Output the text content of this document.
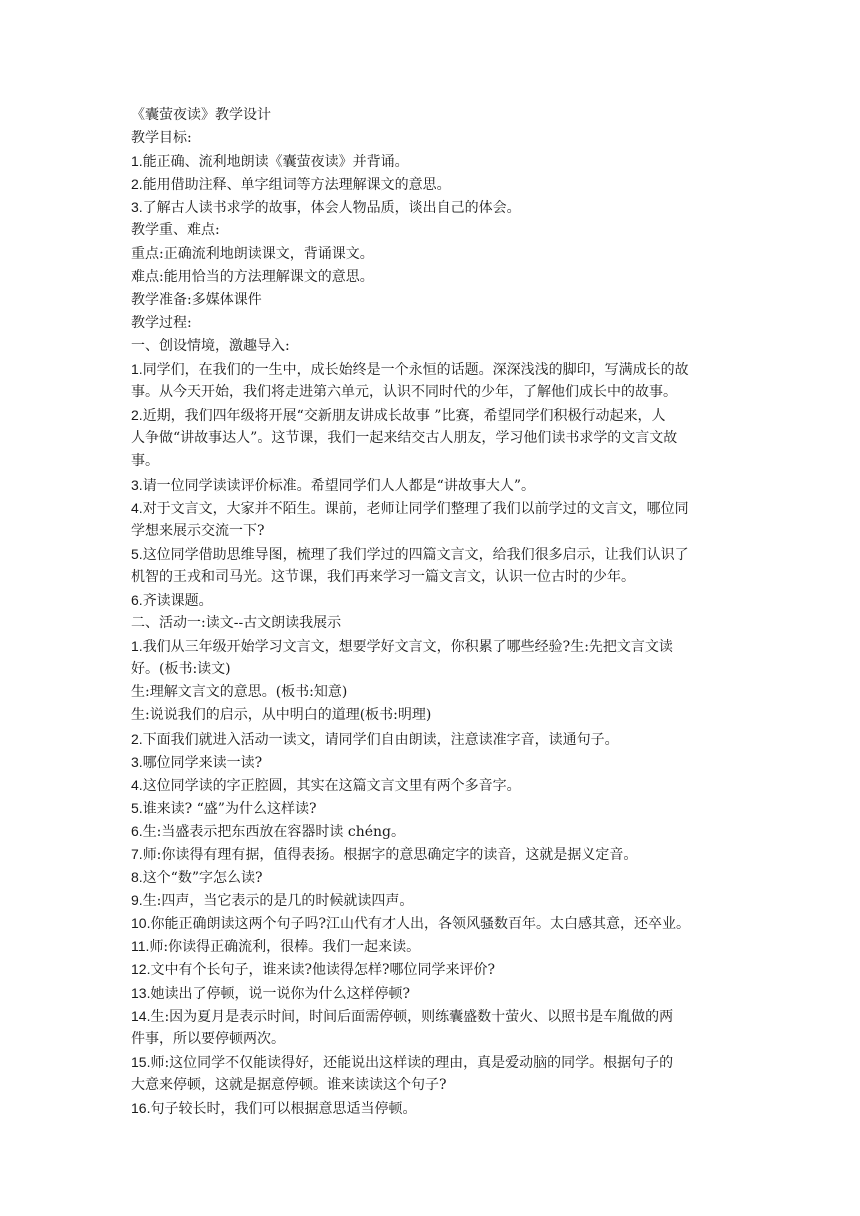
《囊萤夜读》教学设计
教学目标:
1.能正确、流利地朗读《囊萤夜读》并背诵。
2.能用借助注释、单字组词等方法理解课文的意思。
3.了解古人读书求学的故事，体会人物品质，谈出自己的体会。
教学重、难点:
重点:正确流利地朗读课文，背诵课文。
难点:能用恰当的方法理解课文的意思。
教学准备:多媒体课件
教学过程:
一、创设情境，激趣导入:
1.同学们，在我们的一生中，成长始终是一个永恒的话题。深深浅浅的脚印，写满成长的故
事。从今天开始，我们将走进第六单元，认识不同时代的少年，了解他们成长中的故事。
2.近期，我们四年级将开展“交新朋友讲成长故事 ”比赛，希望同学们积极行动起来，人
人争做“讲故事达人”。这节课，我们一起来结交古人朋友，学习他们读书求学的文言文故
事。
3.请一位同学读读评价标准。希望同学们人人都是“讲故事大人”。
4.对于文言文，大家并不陌生。课前，老师让同学们整理了我们以前学过的文言文，哪位同
学想来展示交流一下?
5.这位同学借助思维导图，梳理了我们学过的四篇文言文，给我们很多启示，让我们认识了
机智的王戎和司马光。这节课，我们再来学习一篇文言文，认识一位古时的少年。
6.齐读课题。
二、活动一:读文--古文朗读我展示
1.我们从三年级开始学习文言文，想要学好文言文，你积累了哪些经验?生:先把文言文读
好。(板书:读文)
生:理解文言文的意思。(板书:知意)
生:说说我们的启示，从中明白的道理(板书:明理)
2.下面我们就进入活动一读文，请同学们自由朗读，注意读准字音，读通句子。
3.哪位同学来读一读?
4.这位同学读的字正腔圆，其实在这篇文言文里有两个多音字。
5.谁来读? “盛”为什么这样读?
6.生:当盛表示把东西放在容器时读 chéng。
7.师:你读得有理有据，值得表扬。根据字的意思确定字的读音，这就是据义定音。
8.这个“数”字怎么读?
9.生:四声，当它表示的是几的时候就读四声。
10.你能正确朗读这两个句子吗?江山代有才人出，各领风骚数百年。太白感其意，还卒业。
11.师:你读得正确流利，很棒。我们一起来读。
12.文中有个长句子，谁来读?他读得怎样?哪位同学来评价?
13.她读出了停顿，说一说你为什么这样停顿?
14.生:因为夏月是表示时间，时间后面需停顿，则练囊盛数十萤火、以照书是车胤做的两
件事，所以要停顿两次。
15.师:这位同学不仅能读得好，还能说出这样读的理由，真是爱动脑的同学。根据句子的
大意来停顿，这就是据意停顿。谁来读读这个句子?
16.句子较长时，我们可以根据意思适当停顿。
